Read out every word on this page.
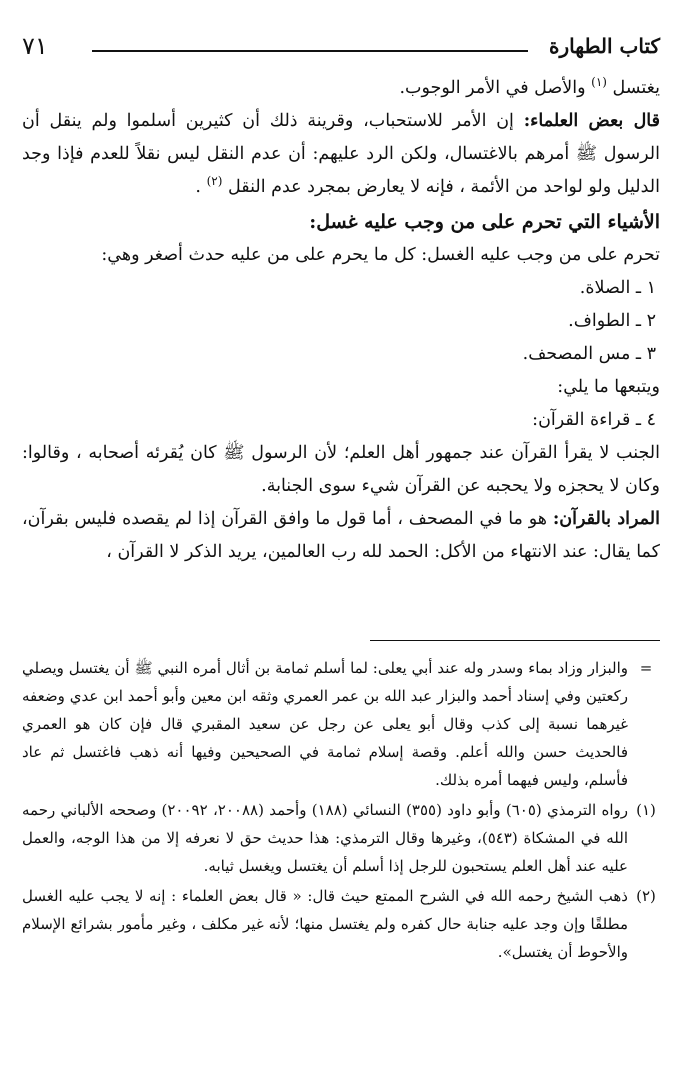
كتاب الطهارة
٧١

يغتسل $^{(١)}$ والأصل في الأمر الوجوب.

قال بعض العلماء: إن الأمر للاستحباب، وقرينة ذلك أن كثيرين أسلموا ولم ينقل أن الرسول ﷺ أمرهم بالاغتسال، ولكن الرد عليهم: أن عدم النقل ليس نقلاً للعدم فإذا وجد الدليل ولو لواحد من الأئمة ، فإنه لا يعارض بمجرد عدم النقل $^{(٢)}$ .

الأشياء التي تحرم على من وجب عليه غسل:

تحرم على من وجب عليه الغسل: كل ما يحرم على من عليه حدث أصغر وهي:

١ ـ الصلاة.

٢ ـ الطواف.

٣ ـ مس المصحف.

ويتبعها ما يلي:

٤ ـ قراءة القرآن:

الجنب لا يقرأ القرآن عند جمهور أهل العلم؛ لأن الرسول ﷺ كان يُقرئه أصحابه ، وقالوا: وكان لا يحجزه ولا يحجبه عن القرآن شيء سوى الجنابة.

المراد بالقرآن: هو ما في المصحف ، أما قول ما وافق القرآن إذا لم يقصده فليس بقرآن، كما يقال: عند الانتهاء من الأكل: الحمد لله رب العالمين، يريد الذكر لا القرآن ،

=
والبزار وزاد بماء وسدر وله عند أبي يعلى: لما أسلم ثمامة بن أثال أمره النبي ﷺ أن يغتسل ويصلي ركعتين وفي إسناد أحمد والبزار عبد الله بن عمر العمري وثقه ابن معين وأبو أحمد ابن عدي وضعفه غيرهما نسبة إلى كذب وقال أبو يعلى عن رجل عن سعيد المقبري قال فإن كان هو العمري فالحديث حسن والله أعلم. وقصة إسلام ثمامة في الصحيحين وفيها أنه ذهب فاغتسل ثم عاد فأسلم، وليس فيهما أمره بذلك.
(١)
رواه الترمذي (٦٠٥) وأبو داود (٣٥٥) النسائي (١٨٨) وأحمد (٢٠٠٨٨، ٢٠٠٩٢) وصححه الألباني رحمه الله في المشكاة (٥٤٣)، وغيرها وقال الترمذي: هذا حديث حق لا نعرفه إلا من هذا الوجه، والعمل عليه عند أهل العلم يستحبون للرجل إذا أسلم أن يغتسل ويغسل ثيابه.
(٢)
ذهب الشيخ رحمه الله في الشرح الممتع حيث قال: « قال بعض العلماء : إنه لا يجب عليه الغسل مطلقًا وإن وجد عليه جنابة حال كفره ولم يغتسل منها؛ لأنه غير مكلف ، وغير مأمور بشرائع الإسلام والأحوط أن يغتسل».
